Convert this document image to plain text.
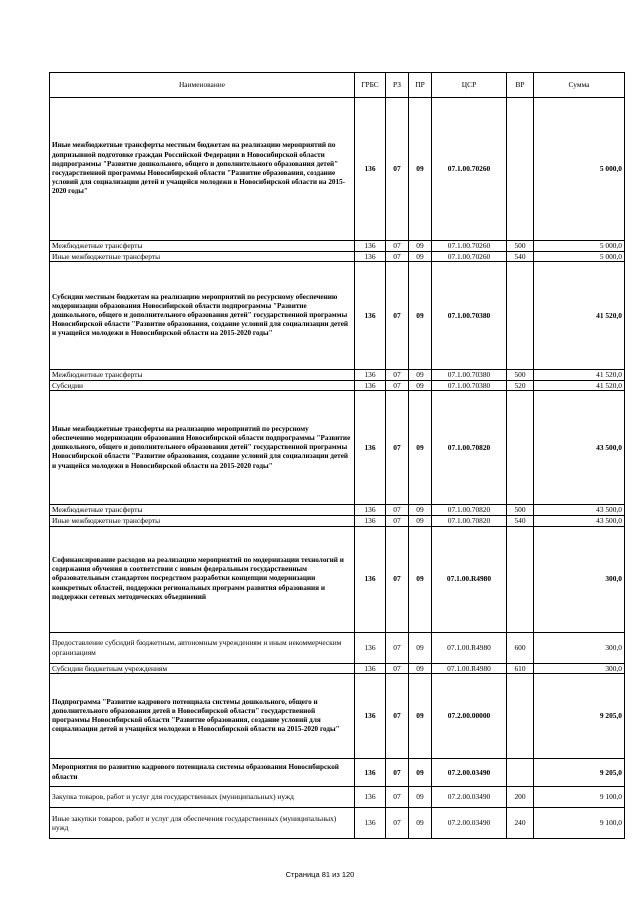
Наименование	ГРБС	РЗ	ПР	ЦСР	ВР	Сумма
Иные межбюджетные трансферты местным бюджетам на реализацию мероприятий по допризывной подготовке граждан Российской Федерации в Новосибирской области подпрограммы "Развитие дошкольного, общего и дополнительного образования детей" государственной программы Новосибирской области "Развитие образования, создание условий для социализации детей и учащейся молодежи в Новосибирской области на 2015-2020 годы"	136	07	09	07.1.00.70260		5 000,0
Межбюджетные трансферты	136	07	09	07.1.00.70260	500	5 000,0
Иные межбюджетные трансферты	136	07	09	07.1.00.70260	540	5 000,0
Субсидии местным бюджетам на реализацию мероприятий по ресурсному обеспечению модернизации образования Новосибирской области подпрограммы "Развитие дошкольного, общего и дополнительного образования детей" государственной программы Новосибирской области "Развитие образования, создание условий для социализации детей и учащейся молодежи в Новосибирской области на 2015-2020 годы"	136	07	09	07.1.00.70380		41 520,0
Межбюджетные трансферты	136	07	09	07.1.00.70380	500	41 520,0
Субсидии	136	07	09	07.1.00.70380	520	41 520,0
Иные межбюджетные трансферты на реализацию мероприятий по ресурсному обеспечению модернизации образования Новосибирской области подпрограммы "Развитие дошкольного, общего и дополнительного образования детей" государственной программы Новосибирской области "Развитие образования, создание условий для социализации детей и учащейся молодежи в Новосибирской области на 2015-2020 годы"	136	07	09	07.1.00.70820		43 500,0
Межбюджетные трансферты	136	07	09	07.1.00.70820	500	43 500,0
Иные межбюджетные трансферты	136	07	09	07.1.00.70820	540	43 500,0
Софинансирование расходов на реализацию мероприятий по модернизации технологий и содержания обучения в соответствии с новым федеральным государственным образовательным стандартом посредством разработки концепции модернизации конкретных областей, поддержки региональных программ развития образования и поддержки сетевых методических объединений	136	07	09	07.1.00.R4980		300,0
Предоставление субсидий бюджетным, автономным учреждениям и иным некоммерческим организациям	136	07	09	07.1.00.R4980	600	300,0
Субсидии бюджетным учреждениям	136	07	09	07.1.00.R4980	610	300,0
Подпрограмма "Развитие кадрового потенциала системы дошкольного, общего и дополнительного образования детей в Новосибирской области" государственной программы Новосибирской области "Развитие образования, создание условий для социализации детей и учащейся молодежи в Новосибирской области на 2015-2020 годы"	136	07	09	07.2.00.00000		9 205,0
Мероприятия по развитию кадрового потенциала системы образования Новосибирской области	136	07	09	07.2.00.03490		9 205,0
Закупка товаров, работ и услуг для государственных (муниципальных) нужд	136	07	09	07.2.00.03490	200	9 100,0
Иные закупки товаров, работ и услуг для обеспечения государственных (муниципальных) нужд	136	07	09	07.2.00.03490	240	9 100,0
Страница 81 из 120
